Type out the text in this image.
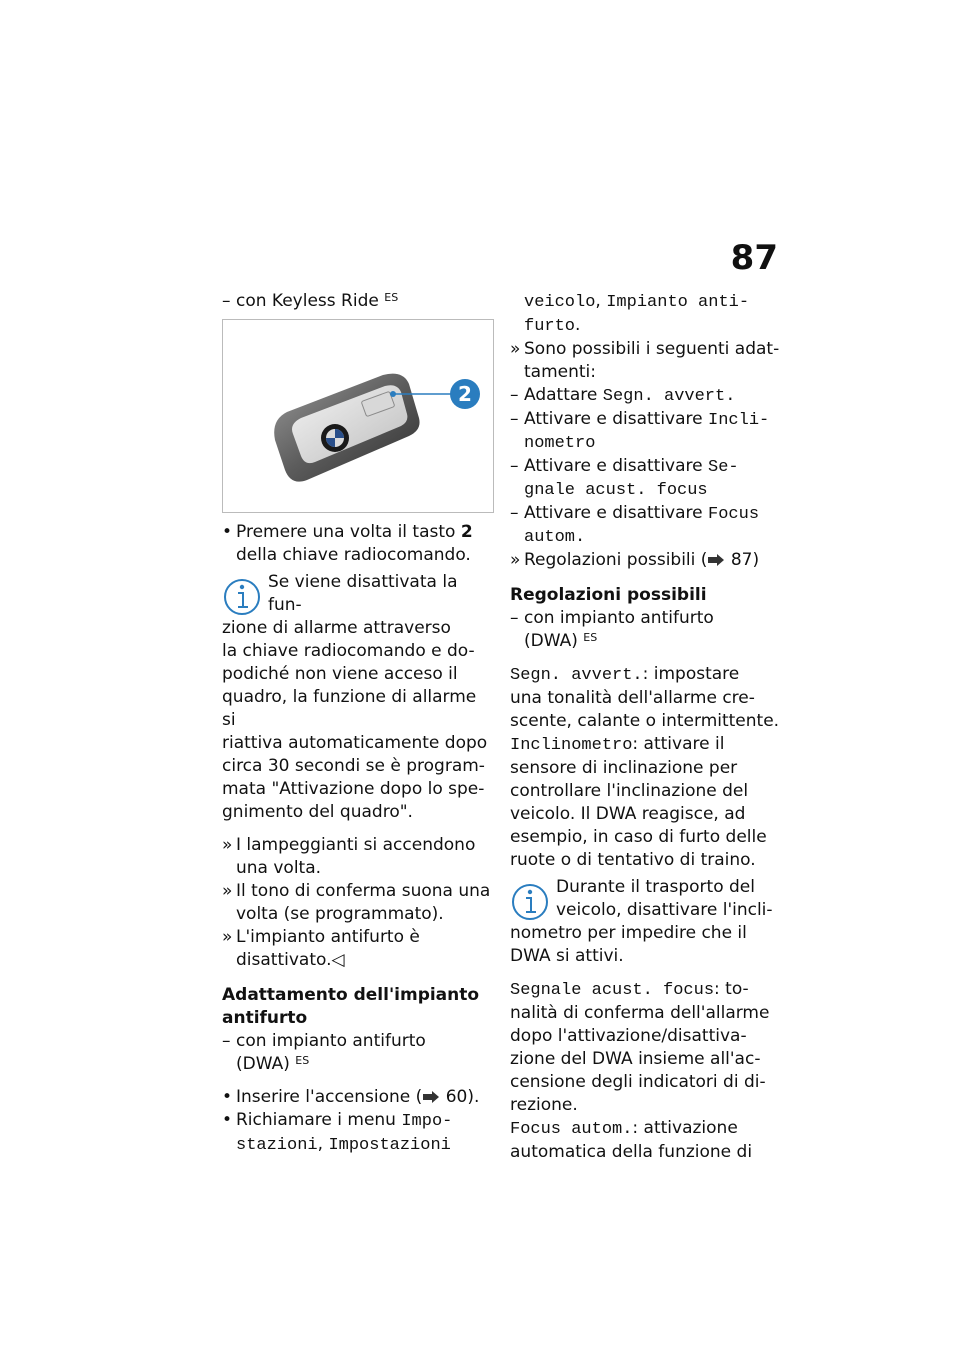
87
– con Keyless Ride $^{ES}$
2
• Premere una volta il tasto 2
della chiave radiocomando.
Se viene disattivata la fun-
zione di allarme attraverso
la chiave radiocomando e do-
podiché non viene acceso il
quadro, la funzione di allarme si
riattiva automaticamente dopo
circa 30 secondi se è program-
mata "Attivazione dopo lo spe-
gnimento del quadro".
» I lampeggianti si accendono
una volta.
» Il tono di conferma suona una
volta (se programmato).
» L'impianto antifurto è
disattivato.◁
Adattamento dell'impianto
antifurto
– con impianto antifurto
(DWA) $^{ES}$
• Inserire l'accensione ( 60).
• Richiamare i menu Impo-
stazioni, Impostazioni
veicolo, Impianto anti-
furto.
» Sono possibili i seguenti adat-
tamenti:
– Adattare Segn. avvert.
– Attivare e disattivare Incli-
nometro
– Attivare e disattivare Se-
gnale acust. focus
– Attivare e disattivare Focus
autom.
» Regolazioni possibili ( 87)
Regolazioni possibili
– con impianto antifurto
(DWA) $^{ES}$
Segn. avvert.: impostare
una tonalità dell'allarme cre-
scente, calante o intermittente.
Inclinometro: attivare il
sensore di inclinazione per
controllare l'inclinazione del
veicolo. Il DWA reagisce, ad
esempio, in caso di furto delle
ruote o di tentativo di traino.
Durante il trasporto del
veicolo, disattivare l'incli-
nometro per impedire che il
DWA si attivi.
Segnale acust. focus: to-
nalità di conferma dell'allarme
dopo l'attivazione/disattiva-
zione del DWA insieme all'ac-
censione degli indicatori di di-
rezione.
Focus autom.: attivazione
automatica della funzione di
